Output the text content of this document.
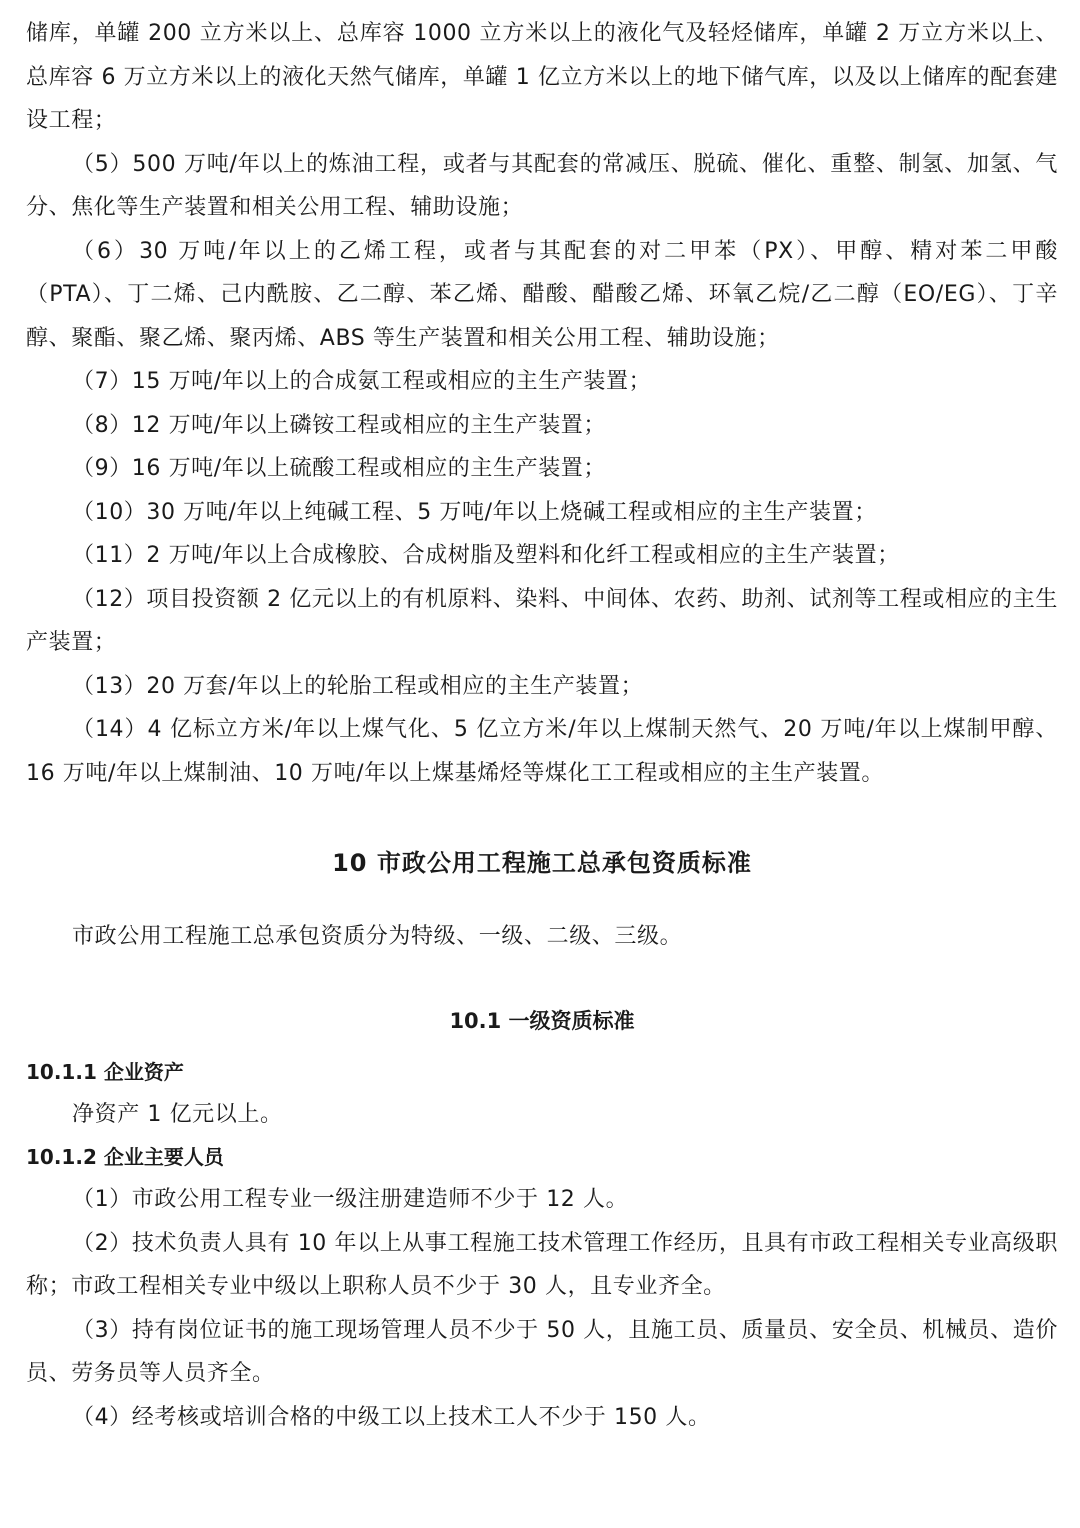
储库，单罐 200 立方米以上、总库容 1000 立方米以上的液化气及轻烃储库，单罐 2 万立方米以上、总库容 6 万立方米以上的液化天然气储库，单罐 1 亿立方米以上的地下储气库，以及以上储库的配套建设工程；

（5）500 万吨/年以上的炼油工程，或者与其配套的常减压、脱硫、催化、重整、制氢、加氢、气分、焦化等生产装置和相关公用工程、辅助设施；

（6）30 万吨/年以上的乙烯工程，或者与其配套的对二甲苯（PX）、甲醇、精对苯二甲酸（PTA）、丁二烯、己内酰胺、乙二醇、苯乙烯、醋酸、醋酸乙烯、环氧乙烷/乙二醇（EO/EG）、丁辛醇、聚酯、聚乙烯、聚丙烯、ABS 等生产装置和相关公用工程、辅助设施；

（7）15 万吨/年以上的合成氨工程或相应的主生产装置；

（8）12 万吨/年以上磷铵工程或相应的主生产装置；

（9）16 万吨/年以上硫酸工程或相应的主生产装置；

（10）30 万吨/年以上纯碱工程、5 万吨/年以上烧碱工程或相应的主生产装置；

（11）2 万吨/年以上合成橡胶、合成树脂及塑料和化纤工程或相应的主生产装置；

（12）项目投资额 2 亿元以上的有机原料、染料、中间体、农药、助剂、试剂等工程或相应的主生产装置；

（13）20 万套/年以上的轮胎工程或相应的主生产装置；

（14）4 亿标立方米/年以上煤气化、5 亿立方米/年以上煤制天然气、20 万吨/年以上煤制甲醇、16 万吨/年以上煤制油、10 万吨/年以上煤基烯烃等煤化工工程或相应的主生产装置。

10 市政公用工程施工总承包资质标准

市政公用工程施工总承包资质分为特级、一级、二级、三级。

10.1 一级资质标准
10.1.1 企业资产

净资产 1 亿元以上。

10.1.2 企业主要人员

（1）市政公用工程专业一级注册建造师不少于 12 人。

（2）技术负责人具有 10 年以上从事工程施工技术管理工作经历，且具有市政工程相关专业高级职称；市政工程相关专业中级以上职称人员不少于 30 人，且专业齐全。

（3）持有岗位证书的施工现场管理人员不少于 50 人，且施工员、质量员、安全员、机械员、造价员、劳务员等人员齐全。

（4）经考核或培训合格的中级工以上技术工人不少于 150 人。
